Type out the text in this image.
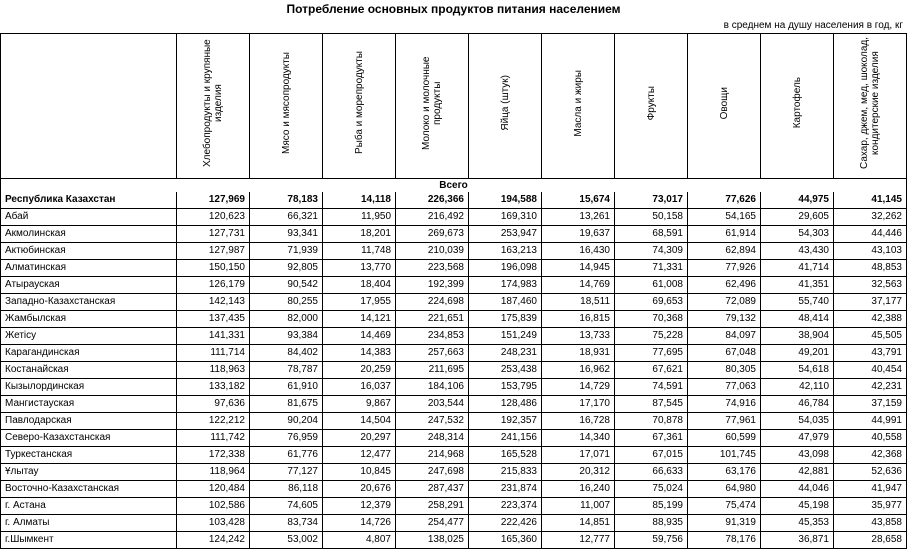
Потребление основных продуктов питания населением
в среднем на душу населения в год, кг
	Хлебопродукты и крупяные изделия	Мясо и мясопродукты	Рыба и морепродукты	Молоко и молочные продукты	Яйца (штук)	Масла и жиры	Фрукты	Овощи	Картофель	Сахар, джем, мед, шоколад, кондитерские изделия
Всего										
Республика Казахстан	127,969	78,183	14,118	226,366	194,588	15,674	73,017	77,626	44,975	41,145
Абай	120,623	66,321	11,950	216,492	169,310	13,261	50,158	54,165	29,605	32,262
Акмолинская	127,731	93,341	18,201	269,673	253,947	19,637	68,591	61,914	54,303	44,446
Актюбинская	127,987	71,939	11,748	210,039	163,213	16,430	74,309	62,894	43,430	43,103
Алматинская	150,150	92,805	13,770	223,568	196,098	14,945	71,331	77,926	41,714	48,853
Атырауская	126,179	90,542	18,404	192,399	174,983	14,769	61,008	62,496	41,351	32,563
Западно-Казахстанская	142,143	80,255	17,955	224,698	187,460	18,511	69,653	72,089	55,740	37,177
Жамбылская	137,435	82,000	14,121	221,651	175,839	16,815	70,368	79,132	48,414	42,388
Жетісу	141,331	93,384	14,469	234,853	151,249	13,733	75,228	84,097	38,904	45,505
Карагандинская	111,714	84,402	14,383	257,663	248,231	18,931	77,695	67,048	49,201	43,791
Костанайская	118,963	78,787	20,259	211,695	253,438	16,962	67,621	80,305	54,618	40,454
Кызылординская	133,182	61,910	16,037	184,106	153,795	14,729	74,591	77,063	42,110	42,231
Мангистауская	97,636	81,675	9,867	203,544	128,486	17,170	87,545	74,916	46,784	37,159
Павлодарская	122,212	90,204	14,504	247,532	192,357	16,728	70,878	77,961	54,035	44,991
Северо-Казахстанская	111,742	76,959	20,297	248,314	241,156	14,340	67,361	60,599	47,979	40,558
Туркестанская	172,338	61,776	12,477	214,968	165,528	17,071	67,015	101,745	43,098	42,368
Ұлытау	118,964	77,127	10,845	247,698	215,833	20,312	66,633	63,176	42,881	52,636
Восточно-Казахстанская	120,484	86,118	20,676	287,437	231,874	16,240	75,024	64,980	44,046	41,947
г. Астана	102,586	74,605	12,379	258,291	223,374	11,007	85,199	75,474	45,198	35,977
г. Алматы	103,428	83,734	14,726	254,477	222,426	14,851	88,935	91,319	45,353	43,858
г.Шымкент	124,242	53,002	4,807	138,025	165,360	12,777	59,756	78,176	36,871	28,658
